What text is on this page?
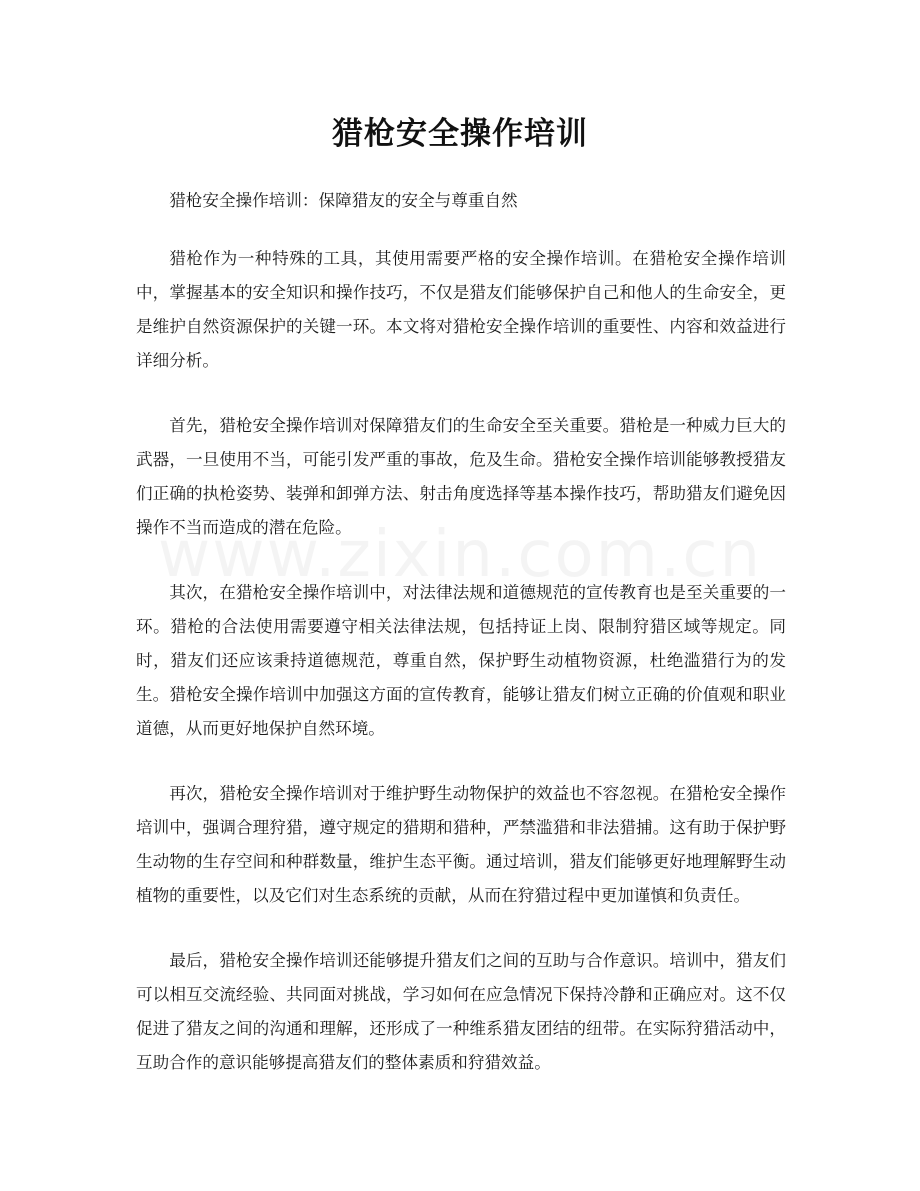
猎枪安全操作培训

猎枪安全操作培训：保障猎友的安全与尊重自然

猎枪作为一种特殊的工具，其使用需要严格的安全操作培训。在猎枪安全操作培训中，掌握基本的安全知识和操作技巧，不仅是猎友们能够保护自己和他人的生命安全，更是维护自然资源保护的关键一环。本文将对猎枪安全操作培训的重要性、内容和效益进行详细分析。

首先，猎枪安全操作培训对保障猎友们的生命安全至关重要。猎枪是一种威力巨大的武器，一旦使用不当，可能引发严重的事故，危及生命。猎枪安全操作培训能够教授猎友们正确的执枪姿势、装弹和卸弹方法、射击角度选择等基本操作技巧，帮助猎友们避免因操作不当而造成的潜在危险。

其次，在猎枪安全操作培训中，对法律法规和道德规范的宣传教育也是至关重要的一环。猎枪的合法使用需要遵守相关法律法规，包括持证上岗、限制狩猎区域等规定。同时，猎友们还应该秉持道德规范，尊重自然，保护野生动植物资源，杜绝滥猎行为的发生。猎枪安全操作培训中加强这方面的宣传教育，能够让猎友们树立正确的价值观和职业道德，从而更好地保护自然环境。

再次，猎枪安全操作培训对于维护野生动物保护的效益也不容忽视。在猎枪安全操作培训中，强调合理狩猎，遵守规定的猎期和猎种，严禁滥猎和非法猎捕。这有助于保护野生动物的生存空间和种群数量，维护生态平衡。通过培训，猎友们能够更好地理解野生动植物的重要性，以及它们对生态系统的贡献，从而在狩猎过程中更加谨慎和负责任。

最后，猎枪安全操作培训还能够提升猎友们之间的互助与合作意识。培训中，猎友们可以相互交流经验、共同面对挑战，学习如何在应急情况下保持冷静和正确应对。这不仅促进了猎友之间的沟通和理解，还形成了一种维系猎友团结的纽带。在实际狩猎活动中，互助合作的意识能够提高猎友们的整体素质和狩猎效益。
